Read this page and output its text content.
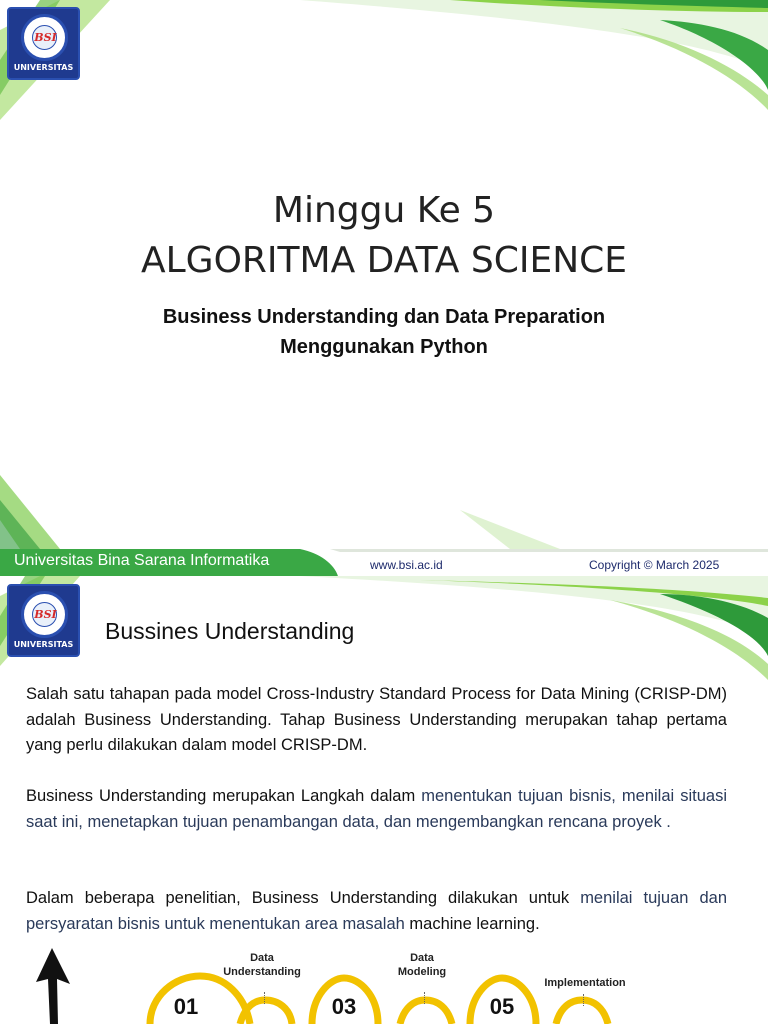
BSI
UNIVERSITAS
Minggu Ke 5
ALGORITMA DATA SCIENCE
Business Understanding dan Data Preparation
Menggunakan Python
Universitas Bina Sarana Informatika	www.bsi.ac.id	Copyright © March 2025
BSI
UNIVERSITAS
Bussines Understanding
Salah satu tahapan pada model Cross-Industry Standard Process for Data Mining (CRISP-DM) adalah Business Understanding. Tahap Business Understanding merupakan tahap pertama yang perlu dilakukan dalam model CRISP-DM.
Business Understanding merupakan Langkah dalam menentukan tujuan bisnis, menilai situasi saat ini, menetapkan tujuan penambangan data, dan mengembangkan rencana proyek .
Dalam beberapa penelitian, Business Understanding dilakukan untuk menilai tujuan dan persyaratan bisnis untuk menentukan area masalah machine learning.
Data
Understanding
01
Data
Modeling
03
Implementation
05
